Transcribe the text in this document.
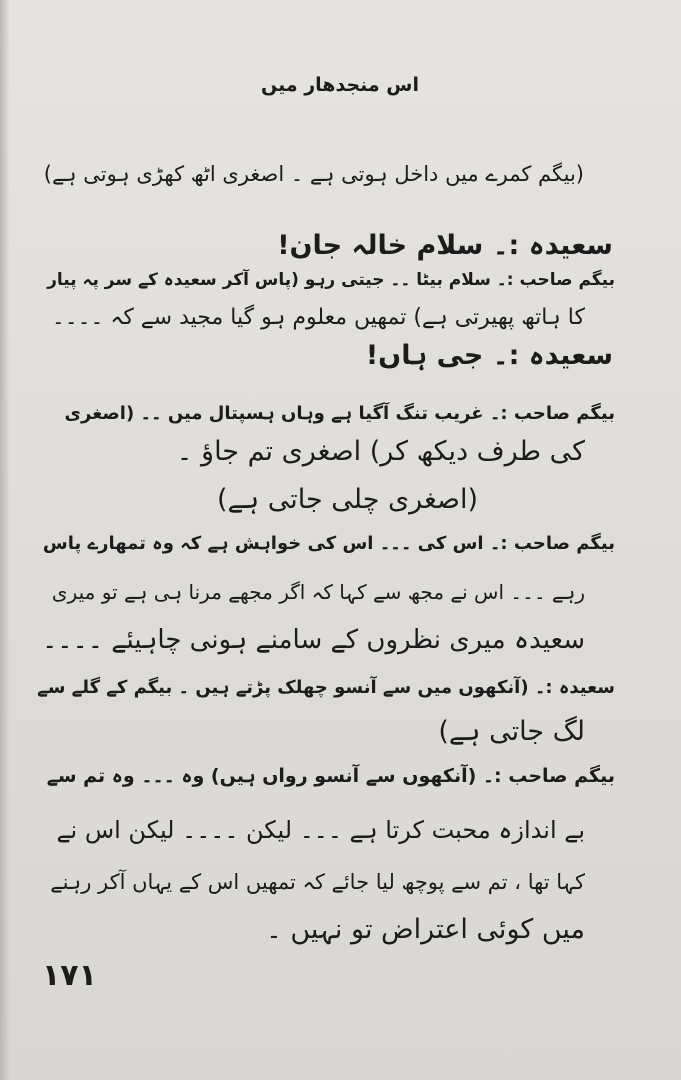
اس منجدھار میں
(بیگم کمرے میں داخل ہوتی ہے ۔ اصغری اٹھ کھڑی ہوتی ہے)
سعیدہ :۔ سلام خالہ جان!
بیگم صاحب :۔ سلام بیٹا ۔۔ جیتی رہو (پاس آکر سعیدہ کے سر پہ پیار
کا ہاتھ پھیرتی ہے) تمھیں معلوم ہو گیا مجید سے کہ ۔۔۔۔
سعیدہ :۔ جی ہاں!
بیگم صاحب :۔ غریب تنگ آگیا ہے وہاں ہسپتال میں ۔۔ (اصغری
کی طرف دیکھ کر) اصغری تم جاؤ ۔
(اصغری چلی جاتی ہے)
بیگم صاحب :۔ اس کی ۔۔۔ اس کی خواہش ہے کہ وہ تمھارے پاس
رہے ۔۔۔ اس نے مجھ سے کہا کہ اگر مجھے مرنا ہی ہے تو میری
سعیدہ میری نظروں کے سامنے ہونی چاہیئے ۔۔۔۔
سعیدہ :۔ (آنکھوں میں سے آنسو چھلک پڑتے ہیں ۔ بیگم کے گلے سے
لگ جاتی ہے)
بیگم صاحب :۔ (آنکھوں سے آنسو رواں ہیں) وہ ۔۔۔ وہ تم سے
بے اندازہ محبت کرتا ہے ۔۔۔ لیکن ۔۔۔۔ لیکن اس نے
کہا تھا ، تم سے پوچھ لیا جائے کہ تمھیں اس کے یہاں آکر رہنے
میں کوئی اعتراض تو نہیں ۔
۱۷۱
